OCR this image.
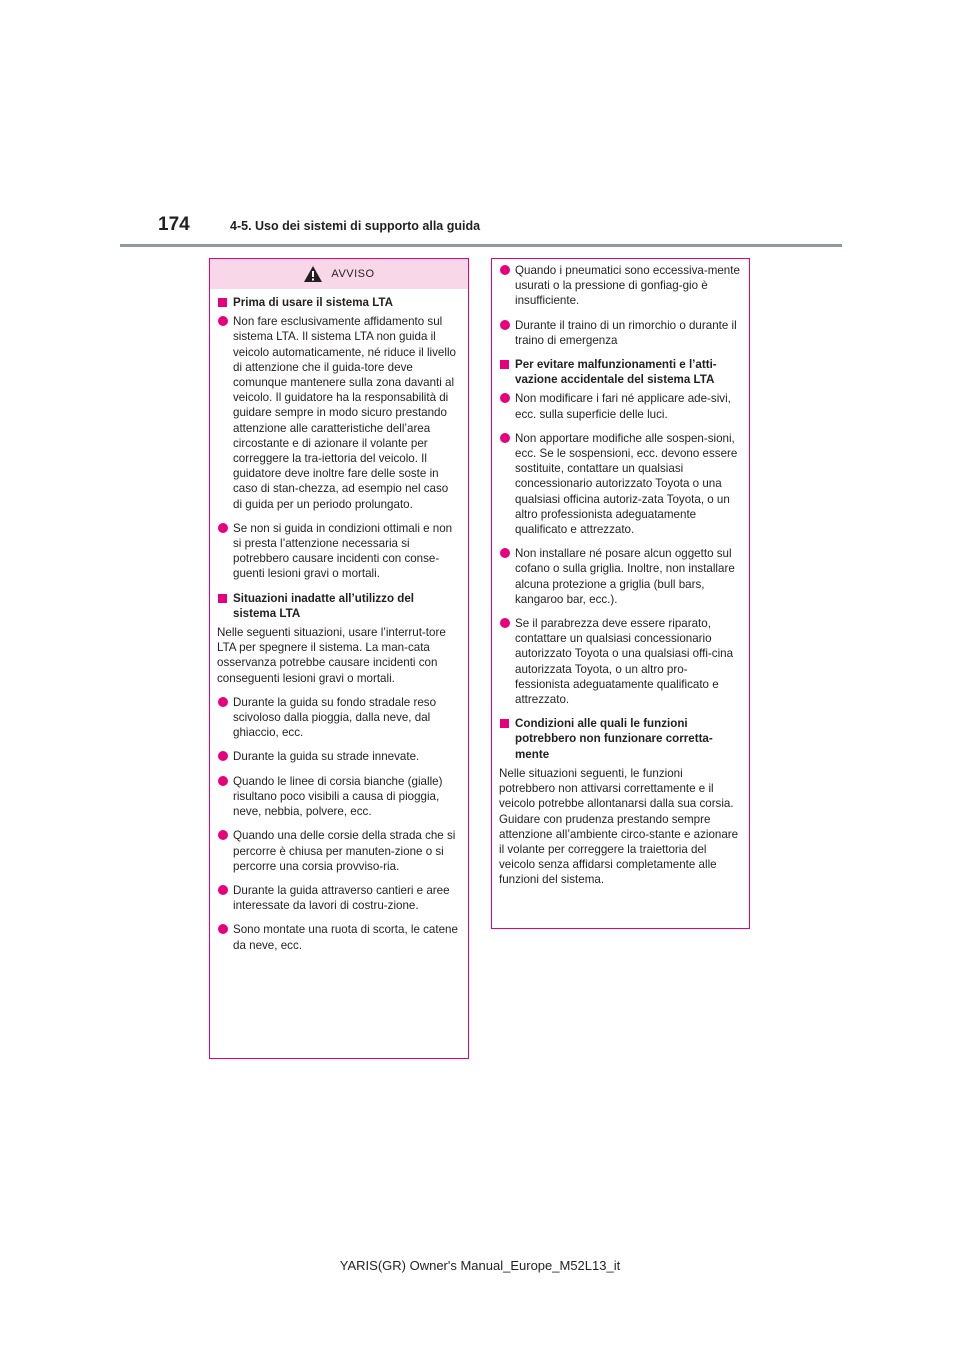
174	4-5. Uso dei sistemi di supporto alla guida
AVVISO
Prima di usare il sistema LTA
Non fare esclusivamente affidamento sul sistema LTA. Il sistema LTA non guida il veicolo automaticamente, né riduce il livello di attenzione che il guida-tore deve comunque mantenere sulla zona davanti al veicolo. Il guidatore ha la responsabilità di guidare sempre in modo sicuro prestando attenzione alle caratteristiche dell’area circostante e di azionare il volante per correggere la tra-iettoria del veicolo. Il guidatore deve inoltre fare delle soste in caso di stan-chezza, ad esempio nel caso di guida per un periodo prolungato.
Se non si guida in condizioni ottimali e non si presta l’attenzione necessaria si potrebbero causare incidenti con conse-guenti lesioni gravi o mortali.
Situazioni inadatte all’utilizzo del sistema LTA
Nelle seguenti situazioni, usare l’interrut-tore LTA per spegnere il sistema. La man-cata osservanza potrebbe causare incidenti con conseguenti lesioni gravi o mortali.
Durante la guida su fondo stradale reso scivoloso dalla pioggia, dalla neve, dal ghiaccio, ecc.
Durante la guida su strade innevate.
Quando le linee di corsia bianche (gialle) risultano poco visibili a causa di pioggia, neve, nebbia, polvere, ecc.
Quando una delle corsie della strada che si percorre è chiusa per manuten-zione o si percorre una corsia provviso-ria.
Durante la guida attraverso cantieri e aree interessate da lavori di costru-zione.
Sono montate una ruota di scorta, le catene da neve, ecc.
Quando i pneumatici sono eccessiva-mente usurati o la pressione di gonfiag-gio è insufficiente.
Durante il traino di un rimorchio o durante il traino di emergenza
Per evitare malfunzionamenti e l’atti-vazione accidentale del sistema LTA
Non modificare i fari né applicare ade-sivi, ecc. sulla superficie delle luci.
Non apportare modifiche alle sospen-sioni, ecc. Se le sospensioni, ecc. devono essere sostituite, contattare un qualsiasi concessionario autorizzato Toyota o una qualsiasi officina autoriz-zata Toyota, o un altro professionista adeguatamente qualificato e attrezzato.
Non installare né posare alcun oggetto sul cofano o sulla griglia. Inoltre, non installare alcuna protezione a griglia (bull bars, kangaroo bar, ecc.).
Se il parabrezza deve essere riparato, contattare un qualsiasi concessionario autorizzato Toyota o una qualsiasi offi-cina autorizzata Toyota, o un altro pro-fessionista adeguatamente qualificato e attrezzato.
Condizioni alle quali le funzioni potrebbero non funzionare corretta-mente
Nelle situazioni seguenti, le funzioni potrebbero non attivarsi correttamente e il veicolo potrebbe allontanarsi dalla sua corsia. Guidare con prudenza prestando sempre attenzione all’ambiente circo-stante e azionare il volante per correggere la traiettoria del veicolo senza affidarsi completamente alle funzioni del sistema.
YARIS(GR) Owner's Manual_Europe_M52L13_it
